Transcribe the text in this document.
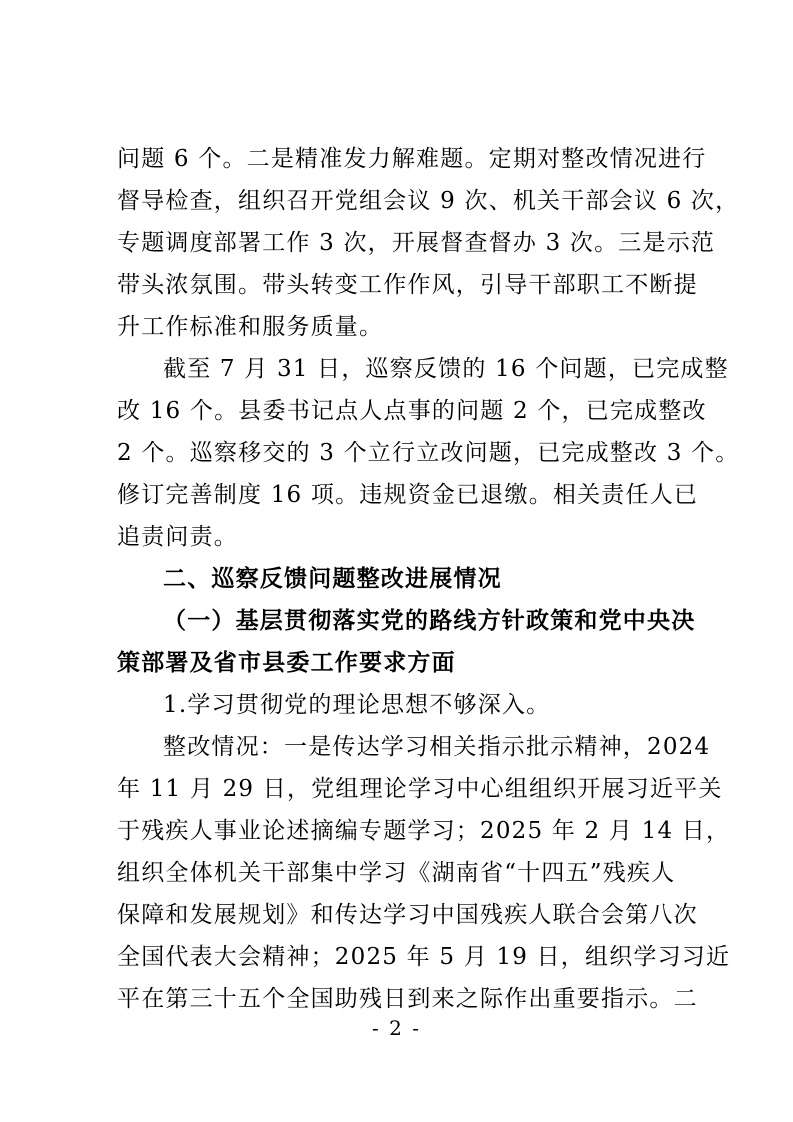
问题 6 个。二是精准发力解难题。定期对整改情况进行
督导检查，组织召开党组会议 9 次、机关干部会议 6 次，
专题调度部署工作 3 次，开展督查督办 3 次。三是示范
带头浓氛围。带头转变工作作风，引导干部职工不断提
升工作标准和服务质量。
截至 7 月 31 日，巡察反馈的 16 个问题，已完成整
改 16 个。县委书记点人点事的问题 2 个，已完成整改
2 个。巡察移交的 3 个立行立改问题，已完成整改 3 个。
修订完善制度 16 项。违规资金已退缴。相关责任人已
追责问责。
二、巡察反馈问题整改进展情况
（一）基层贯彻落实党的路线方针政策和党中央决
策部署及省市县委工作要求方面
1.学习贯彻党的理论思想不够深入。
整改情况：一是传达学习相关指示批示精神，2024
年 11 月 29 日，党组理论学习中心组组织开展习近平关
于残疾人事业论述摘编专题学习；2025 年 2 月 14 日，
组织全体机关干部集中学习《湖南省“十四五”残疾人
保障和发展规划》和传达学习中国残疾人联合会第八次
全国代表大会精神；2025 年 5 月 19 日，组织学习习近
平在第三十五个全国助残日到来之际作出重要指示。二
- 2 -
